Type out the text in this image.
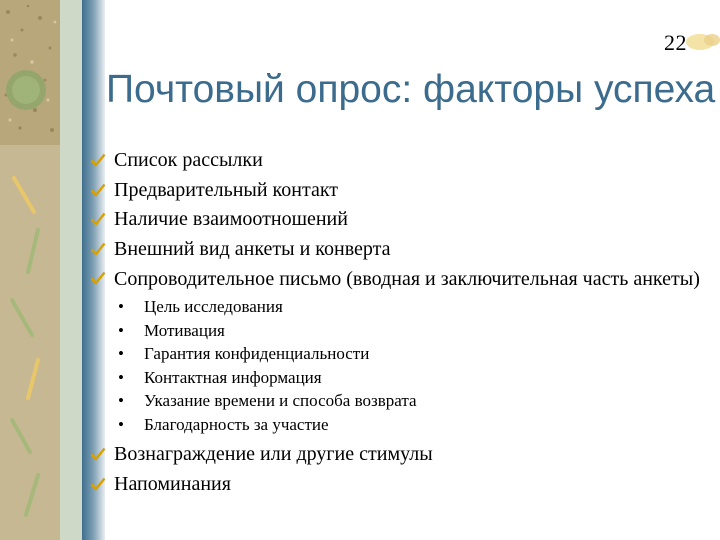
22
Почтовый опрос: факторы успеха
Список рассылки
Предварительный контакт
Наличие взаимоотношений
Внешний вид анкеты и конверта
Сопроводительное письмо (вводная и заключительная часть анкеты)
• Цель исследования
• Мотивация
• Гарантия конфиденциальности
• Контактная информация
• Указание времени и способа возврата
• Благодарность за участие
Вознаграждение или другие стимулы
Напоминания
